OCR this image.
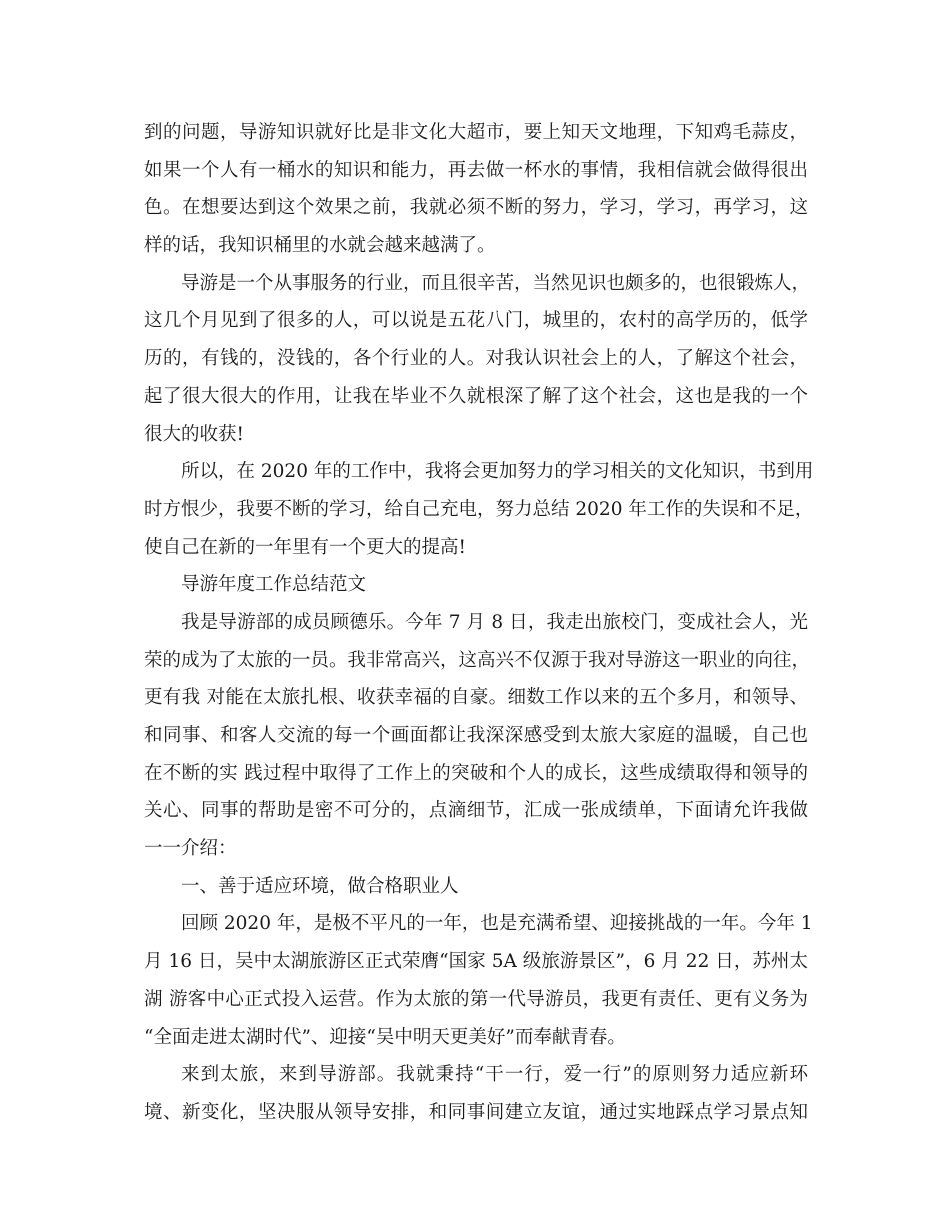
到的问题，导游知识就好比是非文化大超市，要上知天文地理，下知鸡毛蒜皮，
如果一个人有一桶水的知识和能力，再去做一杯水的事情，我相信就会做得很出
色。在想要达到这个效果之前，我就必须不断的努力，学习，学习，再学习，这
样的话，我知识桶里的水就会越来越满了。
导游是一个从事服务的行业，而且很辛苦，当然见识也颇多的，也很锻炼人，
这几个月见到了很多的人，可以说是五花八门，城里的，农村的高学历的，低学
历的，有钱的，没钱的，各个行业的人。对我认识社会上的人，了解这个社会，
起了很大很大的作用，让我在毕业不久就根深了解了这个社会，这也是我的一个
很大的收获!
所以，在 2020 年的工作中，我将会更加努力的学习相关的文化知识，书到用
时方恨少，我要不断的学习，给自己充电，努力总结 2020 年工作的失误和不足，
使自己在新的一年里有一个更大的提高!
导游年度工作总结范文
我是导游部的成员顾德乐。今年 7 月 8 日，我走出旅校门，变成社会人，光
荣的成为了太旅的一员。我非常高兴，这高兴不仅源于我对导游这一职业的向往，
更有我 对能在太旅扎根、收获幸福的自豪。细数工作以来的五个多月，和领导、
和同事、和客人交流的每一个画面都让我深深感受到太旅大家庭的温暖，自己也
在不断的实 践过程中取得了工作上的突破和个人的成长，这些成绩取得和领导的
关心、同事的帮助是密不可分的，点滴细节，汇成一张成绩单，下面请允许我做
一一介绍：
一、善于适应环境，做合格职业人
回顾 2020 年，是极不平凡的一年，也是充满希望、迎接挑战的一年。今年 1
月 16 日，吴中太湖旅游区正式荣膺“国家 5A 级旅游景区”，6 月 22 日，苏州太
湖 游客中心正式投入运营。作为太旅的第一代导游员，我更有责任、更有义务为
“全面走进太湖时代”、迎接“吴中明天更美好”而奉献青春。
来到太旅，来到导游部。我就秉持“干一行，爱一行”的原则努力适应新环
境、新变化，坚决服从领导安排，和同事间建立友谊，通过实地踩点学习景点知
